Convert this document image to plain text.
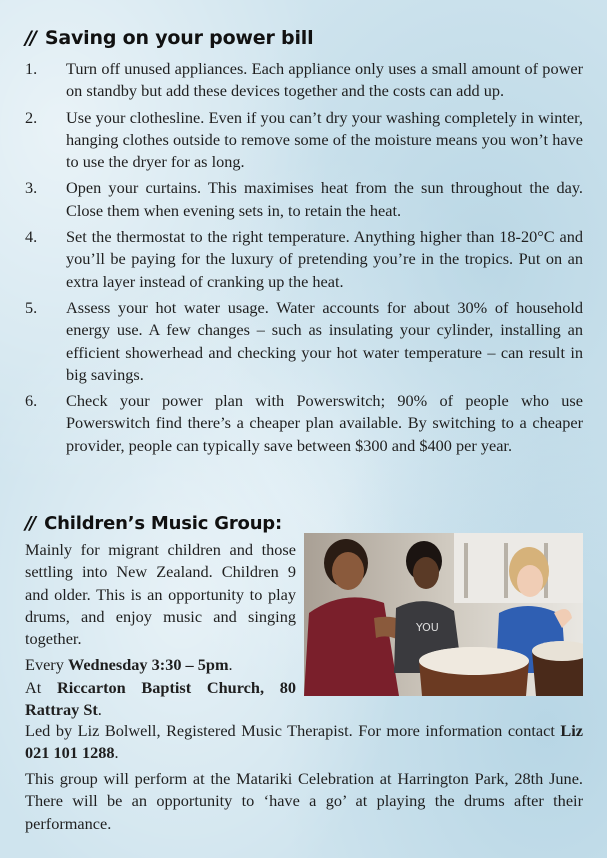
// Saving on your power bill
1.	Turn off unused appliances. Each appliance only uses a small amount of power on standby but add these devices together and the costs can add up.
2.	Use your clothesline. Even if you can’t dry your washing completely in winter, hanging clothes outside to remove some of the moisture means you won’t have to use the dryer for as long.
3.	Open your curtains. This maximises heat from the sun throughout the day. Close them when evening sets in, to retain the heat.
4.	Set the thermostat to the right temperature. Anything higher than 18-20°C and you’ll be paying for the luxury of pretending you’re in the tropics. Put on an extra layer instead of cranking up the heat.
5.	Assess your hot water usage. Water accounts for about 30% of household energy use. A few changes – such as insulating your cylinder, installing an efficient showerhead and checking your hot water temperature – can result in big savings.
6.	Check your power plan with Powerswitch; 90% of people who use Powerswitch find there’s a cheaper plan available. By switching to a cheaper provider, people can typically save between $300 and $400 per year.
// Children’s Music Group:

Mainly for migrant children and those settling into New Zealand. Children 9 and older. This is an opportunity to play drums, and enjoy music and singing together.

Every Wednesday 3:30 – 5pm.
At Riccarton Baptist Church, 80 Rattray St.

YOU

Led by Liz Bolwell, Registered Music Therapist. For more information contact Liz 021 101 1288.

This group will perform at the Matariki Celebration at Harrington Park, 28th June. There will be an opportunity to ‘have a go’ at playing the drums after their performance.
